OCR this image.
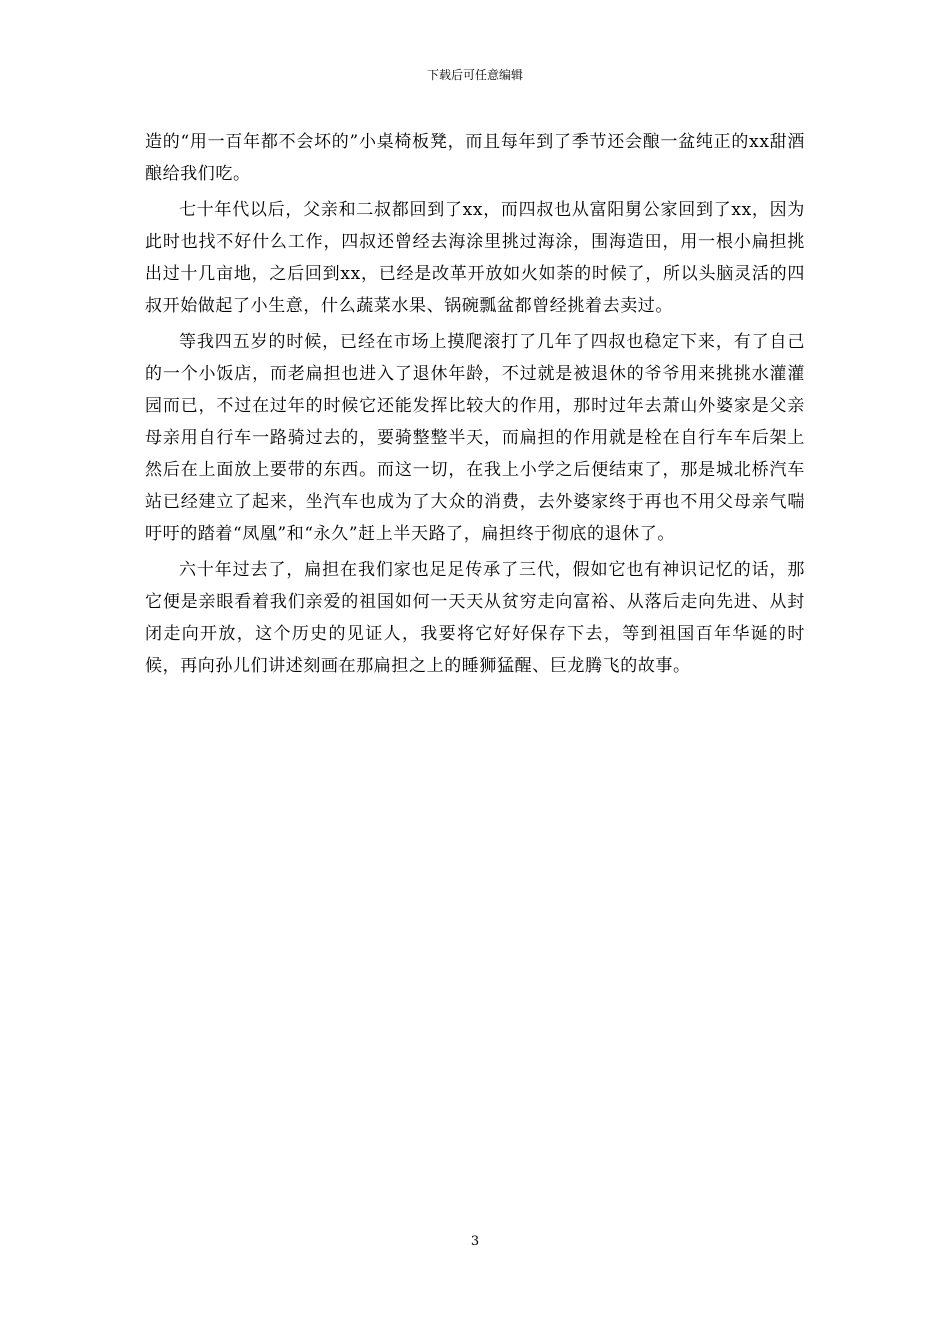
下载后可任意编辑

造的“用一百年都不会坏的”小桌椅板凳，而且每年到了季节还会酿一盆纯正的xx甜酒酿给我们吃。

七十年代以后，父亲和二叔都回到了xx，而四叔也从富阳舅公家回到了xx，因为此时也找不好什么工作，四叔还曾经去海涂里挑过海涂，围海造田，用一根小扁担挑出过十几亩地，之后回到xx，已经是改革开放如火如荼的时候了，所以头脑灵活的四叔开始做起了小生意，什么蔬菜水果、锅碗瓢盆都曾经挑着去卖过。

等我四五岁的时候，已经在市场上摸爬滚打了几年了四叔也稳定下来，有了自己的一个小饭店，而老扁担也进入了退休年龄，不过就是被退休的爷爷用来挑挑水灌灌园而已，不过在过年的时候它还能发挥比较大的作用，那时过年去萧山外婆家是父亲母亲用自行车一路骑过去的，要骑整整半天，而扁担的作用就是栓在自行车车后架上然后在上面放上要带的东西。而这一切，在我上小学之后便结束了，那是城北桥汽车站已经建立了起来，坐汽车也成为了大众的消费，去外婆家终于再也不用父母亲气喘吁吁的踏着“凤凰”和“永久”赶上半天路了，扁担终于彻底的退休了。

六十年过去了，扁担在我们家也足足传承了三代，假如它也有神识记忆的话，那它便是亲眼看着我们亲爱的祖国如何一天天从贫穷走向富裕、从落后走向先进、从封闭走向开放，这个历史的见证人，我要将它好好保存下去，等到祖国百年华诞的时候，再向孙儿们讲述刻画在那扁担之上的睡狮猛醒、巨龙腾飞的故事。

3
